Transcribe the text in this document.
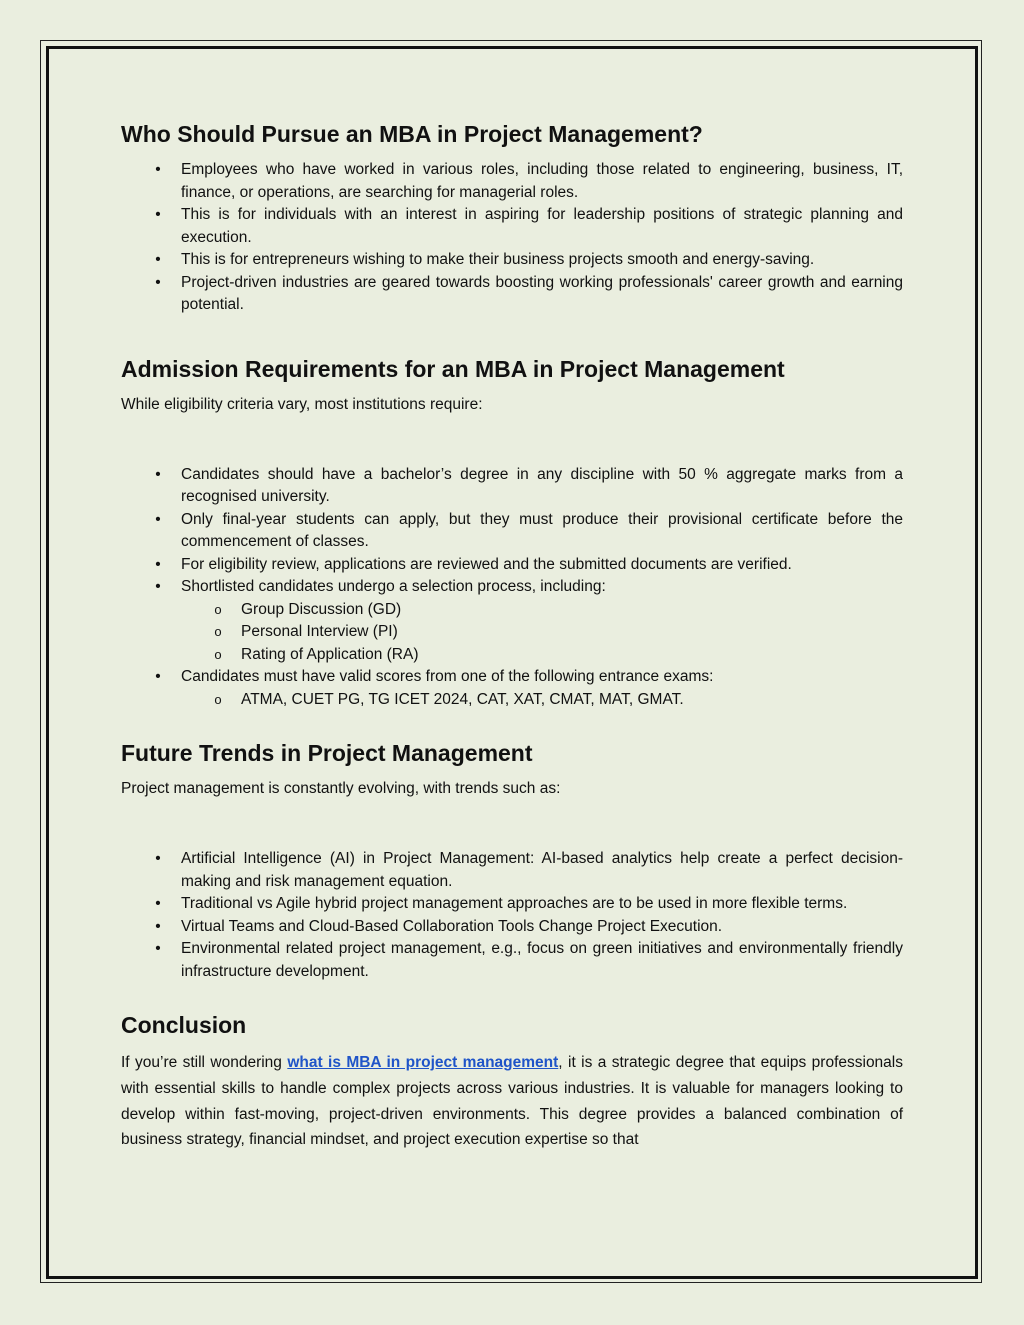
Who Should Pursue an MBA in Project Management?
• Employees who have worked in various roles, including those related to engineering, business, IT, finance, or operations, are searching for managerial roles.
• This is for individuals with an interest in aspiring for leadership positions of strategic planning and execution.
• This is for entrepreneurs wishing to make their business projects smooth and energy-saving.
• Project-driven industries are geared towards boosting working professionals' career growth and earning potential.
Admission Requirements for an MBA in Project Management

While eligibility criteria vary, most institutions require:

• Candidates should have a bachelor’s degree in any discipline with 50 % aggregate marks from a recognised university.
• Only final-year students can apply, but they must produce their provisional certificate before the commencement of classes.
• For eligibility review, applications are reviewed and the submitted documents are verified.
• Shortlisted candidates undergo a selection process, including:
o Group Discussion (GD)
o Personal Interview (PI)
o Rating of Application (RA)
• Candidates must have valid scores from one of the following entrance exams:
o ATMA, CUET PG, TG ICET 2024, CAT, XAT, CMAT, MAT, GMAT.
Future Trends in Project Management

Project management is constantly evolving, with trends such as:

• Artificial Intelligence (AI) in Project Management: AI-based analytics help create a perfect decision-making and risk management equation.
• Traditional vs Agile hybrid project management approaches are to be used in more flexible terms.
• Virtual Teams and Cloud-Based Collaboration Tools Change Project Execution.
• Environmental related project management, e.g., focus on green initiatives and environmentally friendly infrastructure development.
Conclusion

If you’re still wondering what is MBA in project management, it is a strategic degree that equips professionals with essential skills to handle complex projects across various industries. It is valuable for managers looking to develop within fast-moving, project-driven environments. This degree provides a balanced combination of business strategy, financial mindset, and project execution expertise so that
